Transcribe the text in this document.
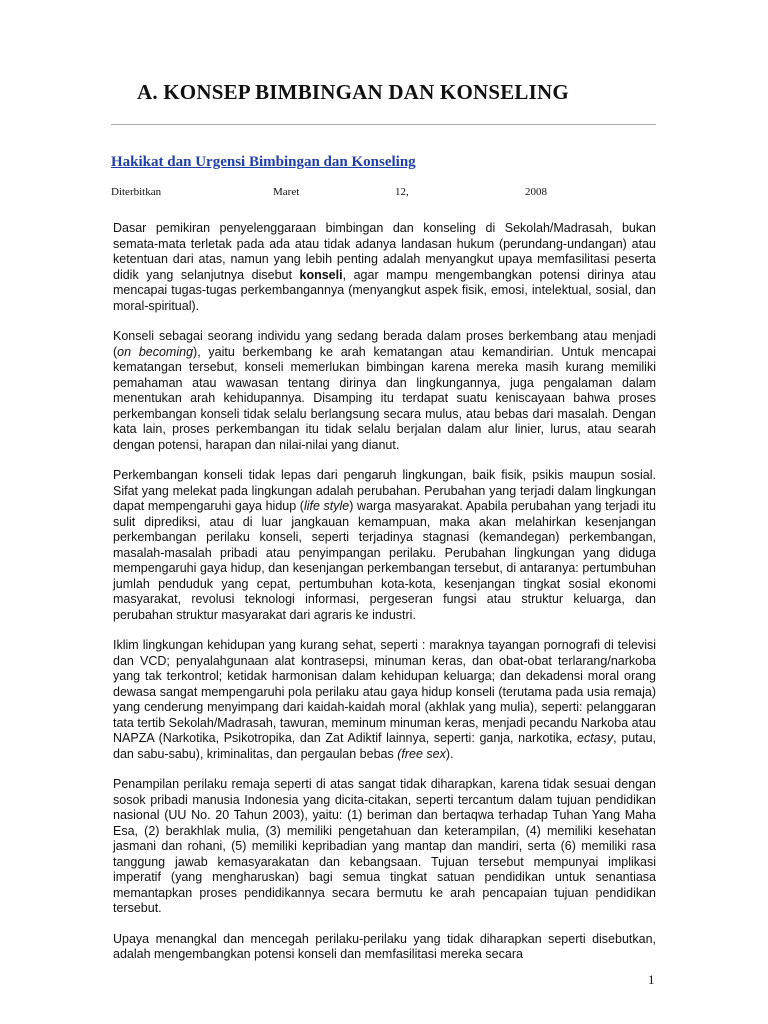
A. KONSEP BIMBINGAN DAN KONSELING
Hakikat dan Urgensi Bimbingan dan Konseling
Diterbitkan	Maret	12,	2008

Dasar pemikiran penyelenggaraan bimbingan dan konseling di Sekolah/Madrasah, bukan semata-mata terletak pada ada atau tidak adanya landasan hukum (perundang-undangan) atau ketentuan dari atas, namun yang lebih penting adalah menyangkut upaya memfasilitasi peserta didik yang selanjutnya disebut konseli, agar mampu mengembangkan potensi dirinya atau mencapai tugas-tugas perkembangannya (menyangkut aspek fisik, emosi, intelektual, sosial, dan moral-spiritual).

Konseli sebagai seorang individu yang sedang berada dalam proses berkembang atau menjadi (on becoming), yaitu berkembang ke arah kematangan atau kemandirian. Untuk mencapai kematangan tersebut, konseli memerlukan bimbingan karena mereka masih kurang memiliki pemahaman atau wawasan tentang dirinya dan lingkungannya, juga pengalaman dalam menentukan arah kehidupannya. Disamping itu terdapat suatu keniscayaan bahwa proses perkembangan konseli tidak selalu berlangsung secara mulus, atau bebas dari masalah. Dengan kata lain, proses perkembangan itu tidak selalu berjalan dalam alur linier, lurus, atau searah dengan potensi, harapan dan nilai-nilai yang dianut.

Perkembangan konseli tidak lepas dari pengaruh lingkungan, baik fisik, psikis maupun sosial. Sifat yang melekat pada lingkungan adalah perubahan. Perubahan yang terjadi dalam lingkungan dapat mempengaruhi gaya hidup (life style) warga masyarakat. Apabila perubahan yang terjadi itu sulit diprediksi, atau di luar jangkauan kemampuan, maka akan melahirkan kesenjangan perkembangan perilaku konseli, seperti terjadinya stagnasi (kemandegan) perkembangan, masalah-masalah pribadi atau penyimpangan perilaku. Perubahan lingkungan yang diduga mempengaruhi gaya hidup, dan kesenjangan perkembangan tersebut, di antaranya: pertumbuhan jumlah penduduk yang cepat, pertumbuhan kota-kota, kesenjangan tingkat sosial ekonomi masyarakat, revolusi teknologi informasi, pergeseran fungsi atau struktur keluarga, dan perubahan struktur masyarakat dari agraris ke industri.

Iklim lingkungan kehidupan yang kurang sehat, seperti : maraknya tayangan pornografi di televisi dan VCD; penyalahgunaan alat kontrasepsi, minuman keras, dan obat-obat terlarang/narkoba yang tak terkontrol; ketidak harmonisan dalam kehidupan keluarga; dan dekadensi moral orang dewasa sangat mempengaruhi pola perilaku atau gaya hidup konseli (terutama pada usia remaja) yang cenderung menyimpang dari kaidah-kaidah moral (akhlak yang mulia), seperti: pelanggaran tata tertib Sekolah/Madrasah, tawuran, meminum minuman keras, menjadi pecandu Narkoba atau NAPZA (Narkotika, Psikotropika, dan Zat Adiktif lainnya, seperti: ganja, narkotika, ectasy, putau, dan sabu-sabu), kriminalitas, dan pergaulan bebas (free sex).

Penampilan perilaku remaja seperti di atas sangat tidak diharapkan, karena tidak sesuai dengan sosok pribadi manusia Indonesia yang dicita-citakan, seperti tercantum dalam tujuan pendidikan nasional (UU No. 20 Tahun 2003), yaitu: (1) beriman dan bertaqwa terhadap Tuhan Yang Maha Esa, (2) berakhlak mulia, (3) memiliki pengetahuan dan keterampilan, (4) memiliki kesehatan jasmani dan rohani, (5) memiliki kepribadian yang mantap dan mandiri, serta (6) memiliki rasa tanggung jawab kemasyarakatan dan kebangsaan. Tujuan tersebut mempunyai implikasi imperatif (yang mengharuskan) bagi semua tingkat satuan pendidikan untuk senantiasa memantapkan proses pendidikannya secara bermutu ke arah pencapaian tujuan pendidikan tersebut.

Upaya menangkal dan mencegah perilaku-perilaku yang tidak diharapkan seperti disebutkan, adalah mengembangkan potensi konseli dan memfasilitasi mereka secara

1
